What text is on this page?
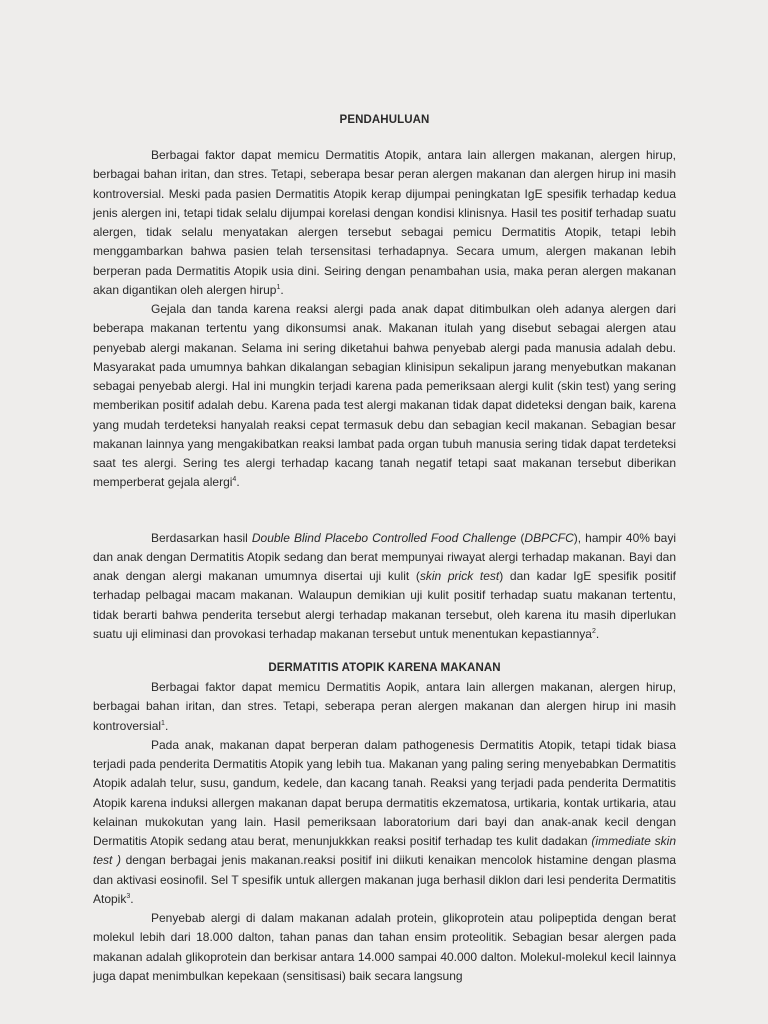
PENDAHULUAN

Berbagai faktor dapat memicu Dermatitis Atopik, antara lain allergen makanan, alergen hirup, berbagai bahan iritan, dan stres. Tetapi, seberapa besar peran alergen makanan dan alergen hirup ini masih kontroversial. Meski pada pasien Dermatitis Atopik kerap dijumpai peningkatan IgE spesifik terhadap kedua jenis alergen ini, tetapi tidak selalu dijumpai korelasi dengan kondisi klinisnya. Hasil tes positif terhadap suatu alergen, tidak selalu menyatakan alergen tersebut sebagai pemicu Dermatitis Atopik, tetapi lebih menggambarkan bahwa pasien telah tersensitasi terhadapnya. Secara umum, alergen makanan lebih berperan pada Dermatitis Atopik usia dini. Seiring dengan penambahan usia, maka peran alergen makanan akan digantikan oleh alergen hirup$^1$.

Gejala dan tanda karena reaksi alergi pada anak dapat ditimbulkan oleh adanya alergen dari beberapa makanan tertentu yang dikonsumsi anak. Makanan itulah yang disebut sebagai alergen atau penyebab alergi makanan. Selama ini sering diketahui bahwa penyebab alergi pada manusia adalah debu. Masyarakat pada umumnya bahkan dikalangan sebagian klinisipun sekalipun jarang menyebutkan makanan sebagai penyebab alergi. Hal ini mungkin terjadi karena pada pemeriksaan alergi kulit (skin test) yang sering memberikan positif adalah debu. Karena pada test alergi makanan tidak dapat dideteksi dengan baik, karena yang mudah terdeteksi hanyalah reaksi cepat termasuk debu dan sebagian kecil makanan. Sebagian besar makanan lainnya yang mengakibatkan reaksi lambat pada organ tubuh manusia sering tidak dapat terdeteksi saat tes alergi. Sering tes alergi terhadap kacang tanah negatif tetapi saat makanan tersebut diberikan memperberat gejala alergi$^4$.

Berdasarkan hasil Double Blind Placebo Controlled Food Challenge (DBPCFC), hampir 40% bayi dan anak dengan Dermatitis Atopik sedang dan berat mempunyai riwayat alergi terhadap makanan. Bayi dan anak dengan alergi makanan umumnya disertai uji kulit (skin prick test) dan kadar IgE spesifik positif terhadap pelbagai macam makanan. Walaupun demikian uji kulit positif terhadap suatu makanan tertentu, tidak berarti bahwa penderita tersebut alergi terhadap makanan tersebut, oleh karena itu masih diperlukan suatu uji eliminasi dan provokasi terhadap makanan tersebut untuk menentukan kepastiannya$^2$.

DERMATITIS ATOPIK KARENA MAKANAN

Berbagai faktor dapat memicu Dermatitis Aopik, antara lain allergen makanan, alergen hirup, berbagai bahan iritan, dan stres. Tetapi, seberapa peran alergen makanan dan alergen hirup ini masih kontroversial$^1$.

Pada anak, makanan dapat berperan dalam pathogenesis Dermatitis Atopik, tetapi tidak biasa terjadi pada penderita Dermatitis Atopik yang lebih tua. Makanan yang paling sering menyebabkan Dermatitis Atopik adalah telur, susu, gandum, kedele, dan kacang tanah. Reaksi yang terjadi pada penderita Dermatitis Atopik karena induksi allergen makanan dapat berupa dermatitis ekzematosa, urtikaria, kontak urtikaria, atau kelainan mukokutan yang lain. Hasil pemeriksaan laboratorium dari bayi dan anak-anak kecil dengan Dermatitis Atopik sedang atau berat, menunjukkkan reaksi positif terhadap tes kulit dadakan (immediate skin test ) dengan berbagai jenis makanan.reaksi positif ini diikuti kenaikan mencolok histamine dengan plasma dan aktivasi eosinofil. Sel T spesifik untuk allergen makanan juga berhasil diklon dari lesi penderita Dermatitis Atopik$^3$.

Penyebab alergi di dalam makanan adalah protein, glikoprotein atau polipeptida dengan berat molekul lebih dari 18.000 dalton, tahan panas dan tahan ensim proteolitik. Sebagian besar alergen pada makanan adalah glikoprotein dan berkisar antara 14.000 sampai 40.000 dalton. Molekul-molekul kecil lainnya juga dapat menimbulkan kepekaan (sensitisasi) baik secara langsung
